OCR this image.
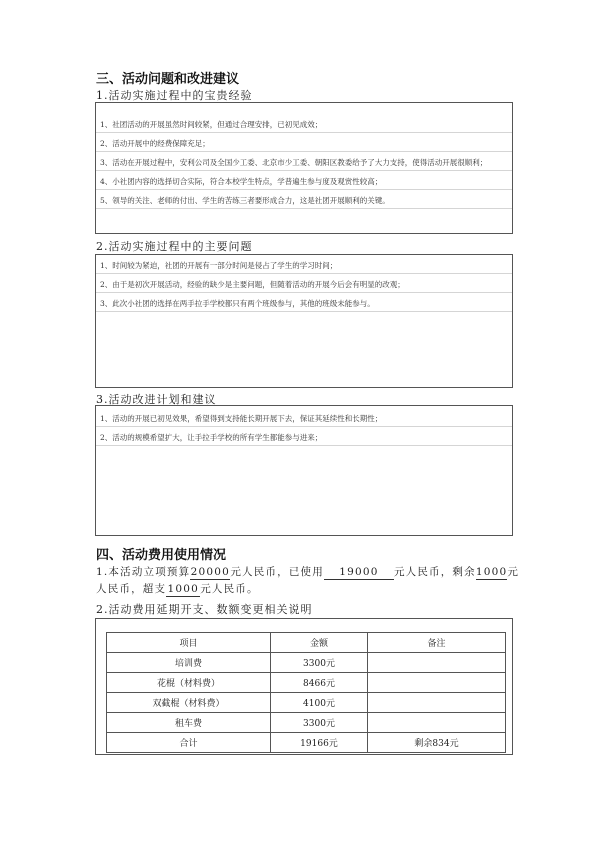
三、活动问题和改进建议
1.活动实施过程中的宝贵经验
1、社团活动的开展虽然时间较紧，但通过合理安排，已初见成效；
2、活动开展中的经费保障充足；
3、活动在开展过程中，安利公司及全国少工委、北京市少工委、朝阳区教委给予了大力支持，使得活动开展很顺利；
4、小社团内容的选择切合实际，符合本校学生特点，学普遍生参与度及观赏性较高；
5、领导的关注、老师的付出、学生的苦练三者要形成合力，这是社团开展顺利的关键。
2.活动实施过程中的主要问题
1、时间较为紧迫，社团的开展有一部分时间是侵占了学生的学习时间；
2、由于是初次开展活动，经验的缺少是主要问题，但随着活动的开展今后会有明显的改观；
3、此次小社团的选择在两手拉手学校都只有两个班级参与，其他的班级未能参与。
3.活动改进计划和建议
1、活动的开展已初见效果，希望得到支持能长期开展下去，保证其延续性和长期性；
2、活动的规模希望扩大，让手拉手学校的所有学生都能参与进来；
四、活动费用使用情况
1.本活动立项预算20000元人民币，已使用 19000 元人民币，剩余1000元
人民币，超支1000元人民币。
2.活动费用延期开支、数额变更相关说明
项目	金额	备注
培训费	3300元	
花棍（材料费）	8466元	
双截棍（材料费）	4100元	
租车费	3300元	
合计	19166元	剩余834元
